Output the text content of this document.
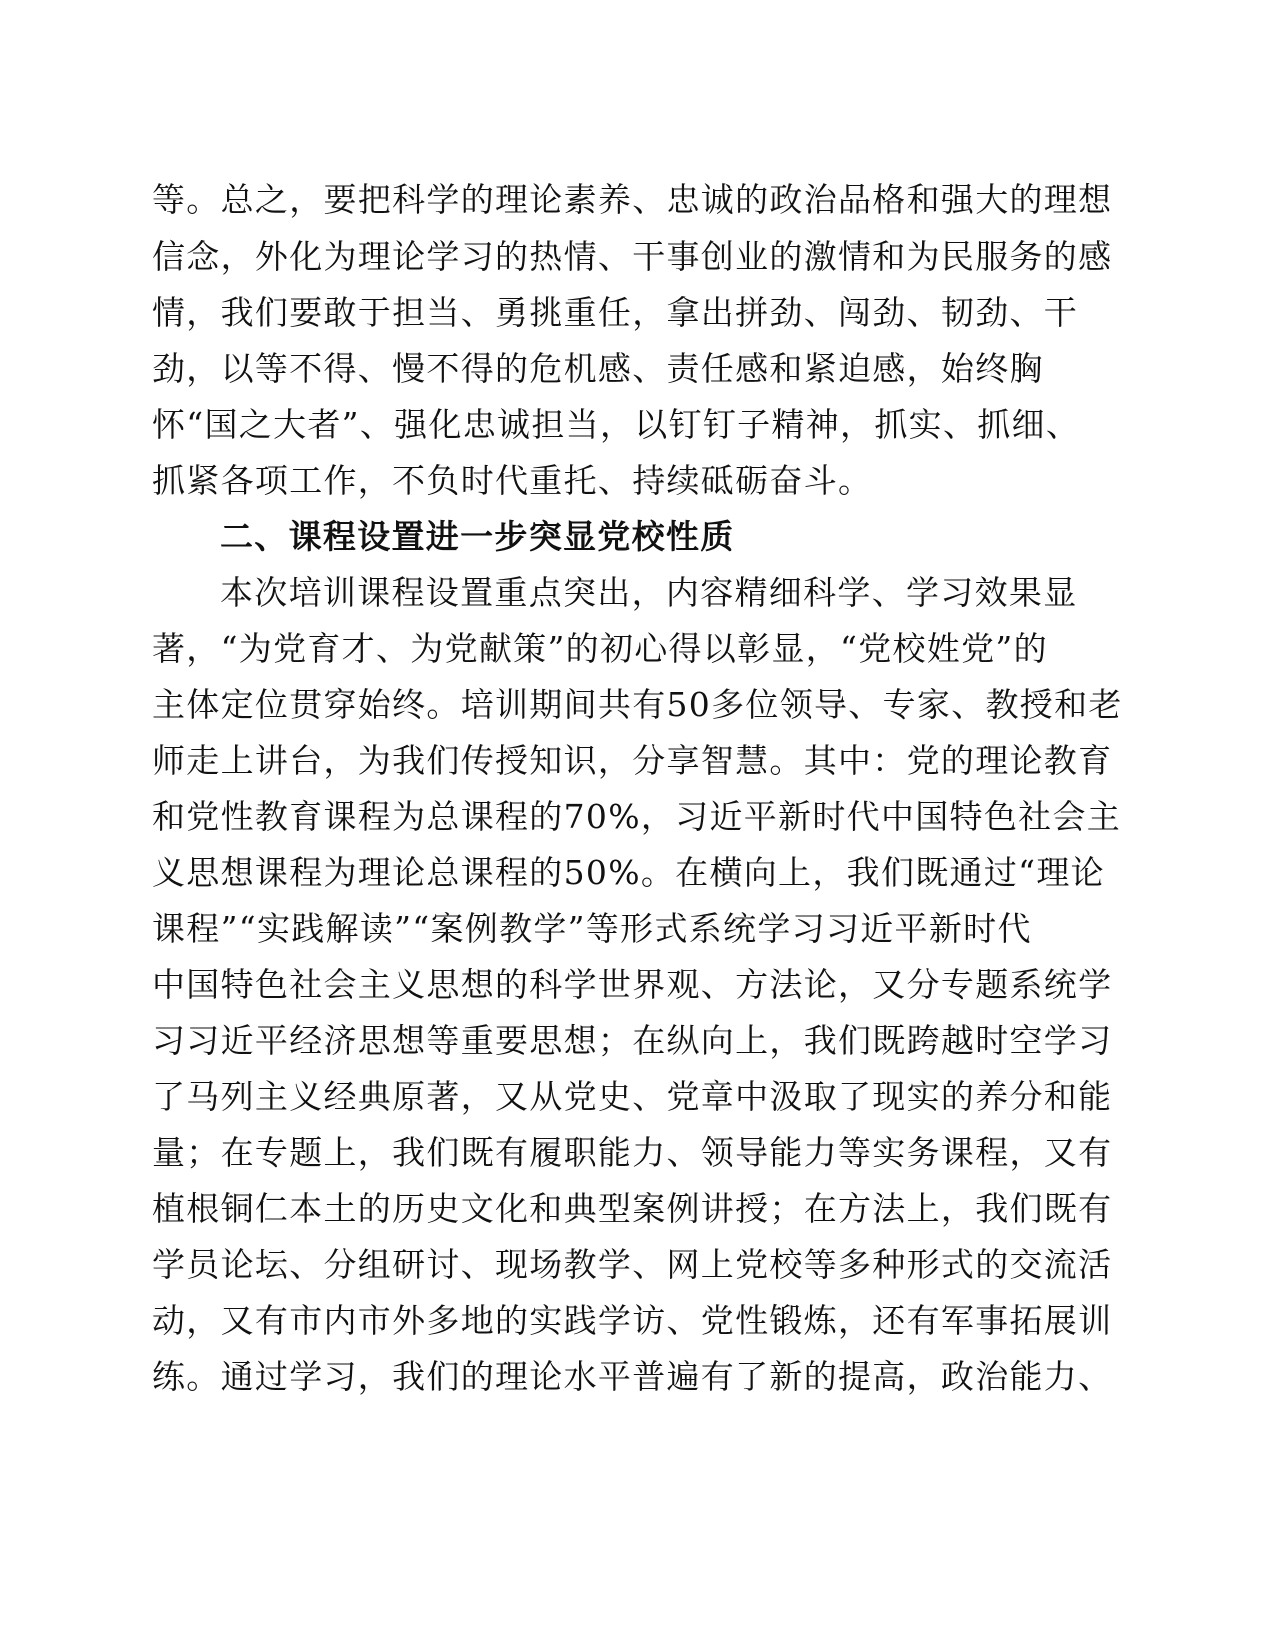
等。总之，要把科学的理论素养、忠诚的政治品格和强大的理想
信念，外化为理论学习的热情、干事创业的激情和为民服务的感
情，我们要敢于担当、勇挑重任，拿出拼劲、闯劲、韧劲、干
劲，以等不得、慢不得的危机感、责任感和紧迫感，始终胸
怀“国之大者”、强化忠诚担当，以钉钉子精神，抓实、抓细、
抓紧各项工作，不负时代重托、持续砥砺奋斗。
二、课程设置进一步突显党校性质
本次培训课程设置重点突出，内容精细科学、学习效果显
著，“为党育才、为党献策”的初心得以彰显，“党校姓党”的
主体定位贯穿始终。培训期间共有50多位领导、专家、教授和老
师走上讲台，为我们传授知识，分享智慧。其中：党的理论教育
和党性教育课程为总课程的70%，习近平新时代中国特色社会主
义思想课程为理论总课程的50%。在横向上，我们既通过“理论
课程”“实践解读”“案例教学”等形式系统学习习近平新时代
中国特色社会主义思想的科学世界观、方法论，又分专题系统学
习习近平经济思想等重要思想；在纵向上，我们既跨越时空学习
了马列主义经典原著，又从党史、党章中汲取了现实的养分和能
量；在专题上，我们既有履职能力、领导能力等实务课程，又有
植根铜仁本土的历史文化和典型案例讲授；在方法上，我们既有
学员论坛、分组研讨、现场教学、网上党校等多种形式的交流活
动，又有市内市外多地的实践学访、党性锻炼，还有军事拓展训
练。通过学习，我们的理论水平普遍有了新的提高，政治能力、
